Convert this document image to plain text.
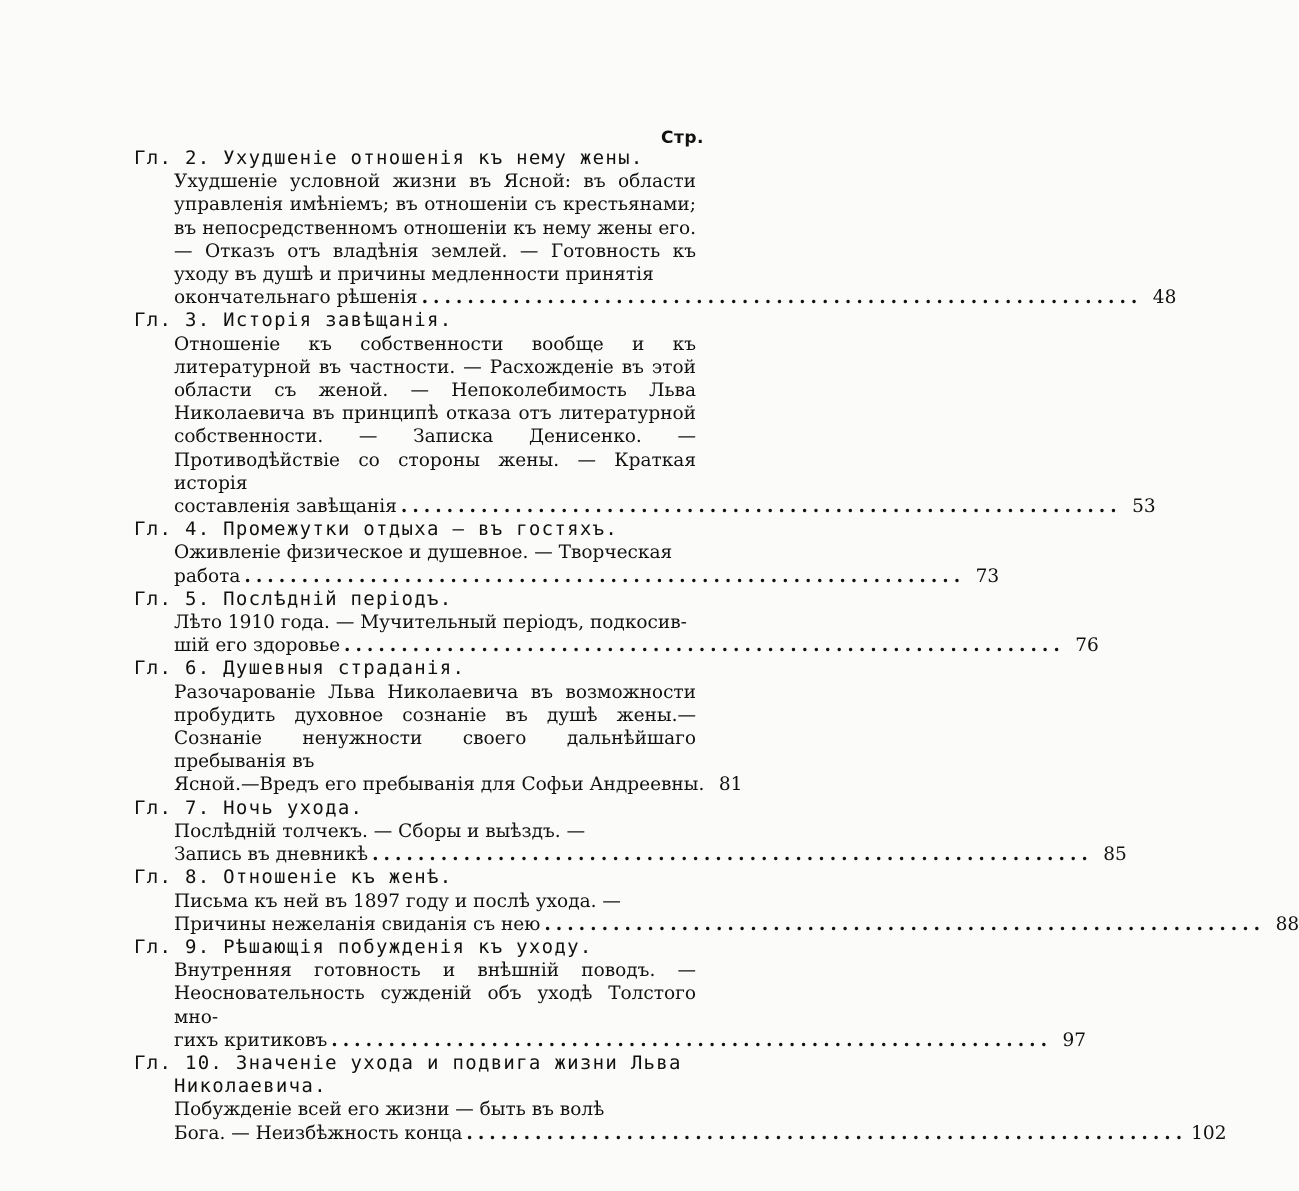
Стр.
Гл. 2. Ухудшеніе отношенія къ нему жены.
Ухудшеніе условной жизни въ Ясной: въ области управленія имѣніемъ; въ отношеніи съ крестьянами; въ непосредственномъ отношеніи къ нему жены его. — Отказъ отъ владѣнія землей. — Готовность къ уходу въ душѣ и причины медленности принятія
окончательнаго рѣшенія ............................................................... 48
Гл. 3. Исторія завѣщанія.
Отношеніе къ собственности вообще и къ литературной въ частности. — Расхожденіе въ этой области съ женой. — Непоколебимость Льва Николаевича въ принципѣ отказа отъ литературной собственности. — Записка Денисенко. — Противодѣйствіе со стороны жены. — Краткая исторія
составленія завѣщанія ............................................................... 53
Гл. 4. Промежутки отдыха — въ гостяхъ.
Оживленіе физическое и душевное. — Творческая
работа ............................................................... 73
Гл. 5. Послѣдній періодъ.
Лѣто 1910 года. — Мучительный періодъ, подкосив-
шій его здоровье ............................................................... 76
Гл. 6. Душевныя страданія.
Разочарованіе Льва Николаевича въ возможности пробудить духовное сознаніе въ душѣ жены.— Сознаніе ненужности своего дальнѣйшаго пребыванія въ
Ясной.—Вредъ его пребыванія для Софьи Андреевны. 81
Гл. 7. Ночь ухода.
Послѣдній толчекъ. — Сборы и выѣздъ. —
Запись въ дневникѣ ............................................................... 85
Гл. 8. Отношеніе къ женѣ.
Письма къ ней въ 1897 году и послѣ ухода. —
Причины нежеланія свиданія съ нею ............................................................... 88
Гл. 9. Рѣшающія побужденія къ уходу.
Внутренняя готовность и внѣшній поводъ. — Неосновательность сужденій объ уходѣ Толстого мно-
гихъ критиковъ ............................................................... 97
Гл. 10. Значеніе ухода и подвига жизни Льва Николаевича.
Побужденіе всей его жизни — быть въ волѣ
Бога. — Неизбѣжность конца ............................................................... 102
